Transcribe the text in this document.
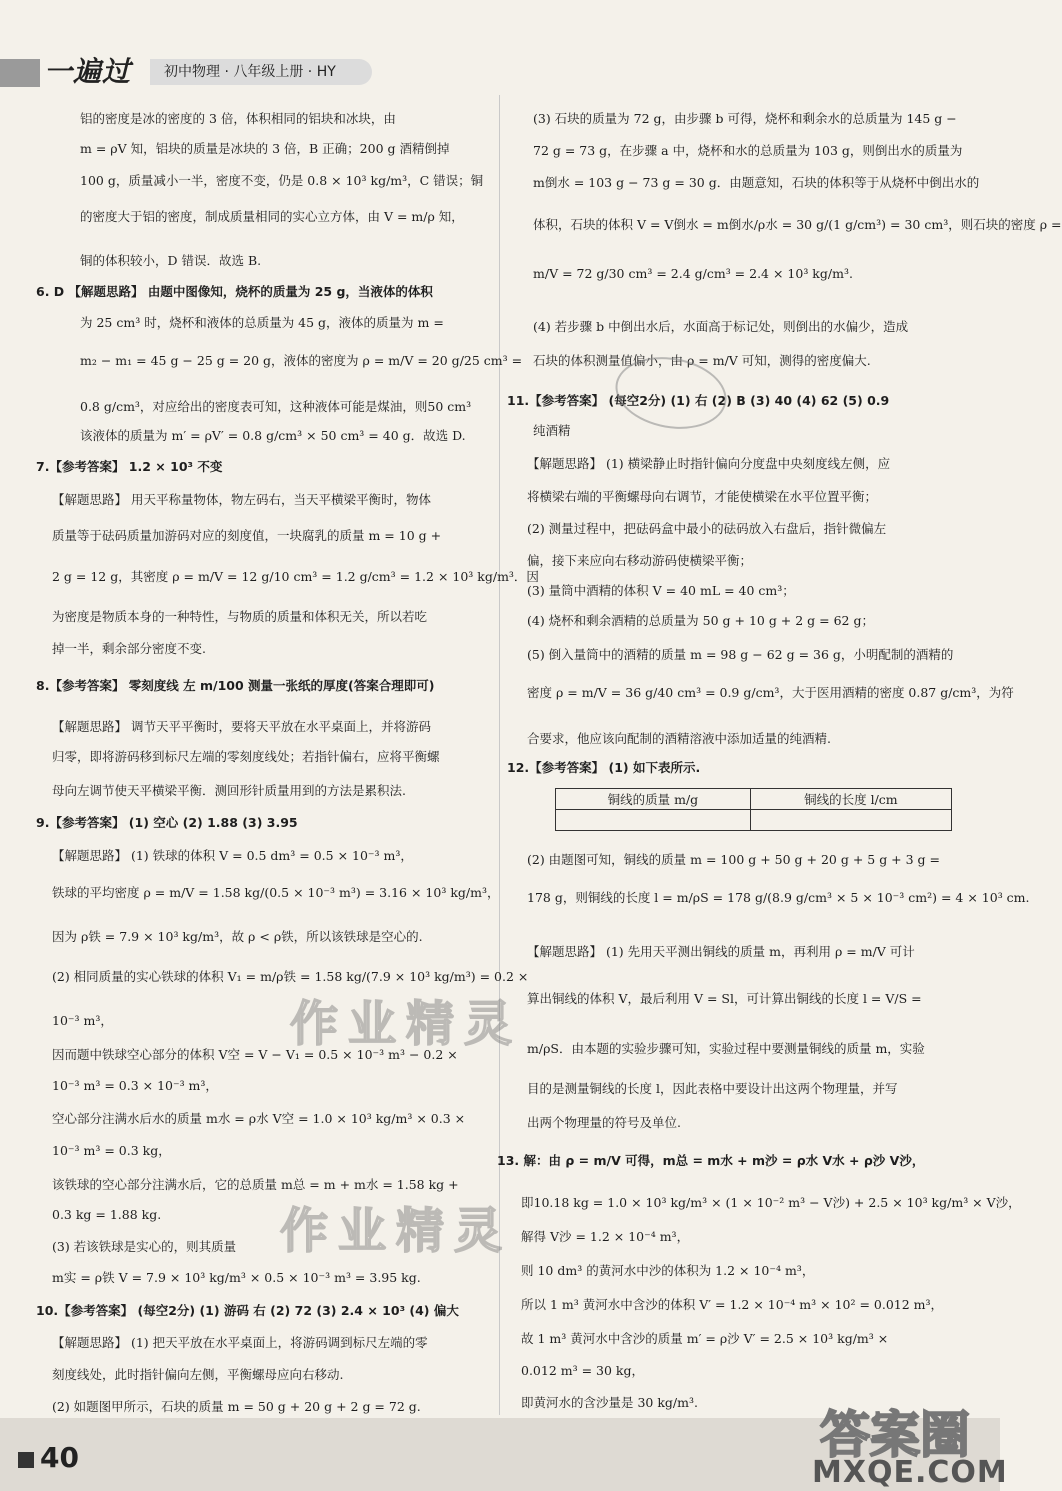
一遍过	初中物理 · 八年级上册 · HY
铝的密度是冰的密度的 3 倍，体积相同的铝块和冰块，由
m = ρV 知，铝块的质量是冰块的 3 倍，B 正确；200 g 酒精倒掉
100 g，质量减小一半，密度不变，仍是 0.8 × 10³ kg/m³，C 错误；铜
的密度大于铝的密度，制成质量相同的实心立方体，由 V = m/ρ 知，
铜的体积较小，D 错误．故选 B.
6. D 【解题思路】 由题中图像知，烧杯的质量为 25 g，当液体的体积
为 25 cm³ 时，烧杯和液体的总质量为 45 g，液体的质量为 m =
m₂ − m₁ = 45 g − 25 g = 20 g，液体的密度为 ρ = m/V = 20 g/25 cm³ =
0.8 g/cm³，对应给出的密度表可知，这种液体可能是煤油，则50 cm³
该液体的质量为 m′ = ρV′ = 0.8 g/cm³ × 50 cm³ = 40 g．故选 D.
7.【参考答案】 1.2 × 10³ 不变
【解题思路】 用天平称量物体，物左码右，当天平横梁平衡时，物体
质量等于砝码质量加游码对应的刻度值，一块腐乳的质量 m = 10 g +
2 g = 12 g，其密度 ρ = m/V = 12 g/10 cm³ = 1.2 g/cm³ = 1.2 × 10³ kg/m³．因
为密度是物质本身的一种特性，与物质的质量和体积无关，所以若吃
掉一半，剩余部分密度不变.
8.【参考答案】 零刻度线 左 m/100 测量一张纸的厚度(答案合理即可)
【解题思路】 调节天平平衡时，要将天平放在水平桌面上，并将游码
归零，即将游码移到标尺左端的零刻度线处；若指针偏右，应将平衡螺
母向左调节使天平横梁平衡．测回形针质量用到的方法是累积法.
9.【参考答案】 (1) 空心 (2) 1.88 (3) 3.95
【解题思路】 (1) 铁球的体积 V = 0.5 dm³ = 0.5 × 10⁻³ m³，
铁球的平均密度 ρ = m/V = 1.58 kg/(0.5 × 10⁻³ m³) = 3.16 × 10³ kg/m³，
因为 ρ铁 = 7.9 × 10³ kg/m³，故 ρ < ρ铁，所以该铁球是空心的.
(2) 相同质量的实心铁球的体积 V₁ = m/ρ铁 = 1.58 kg/(7.9 × 10³ kg/m³) = 0.2 ×
10⁻³ m³，
因而题中铁球空心部分的体积 V空 = V − V₁ = 0.5 × 10⁻³ m³ − 0.2 ×
10⁻³ m³ = 0.3 × 10⁻³ m³，
空心部分注满水后水的质量 m水 = ρ水 V空 = 1.0 × 10³ kg/m³ × 0.3 ×
10⁻³ m³ = 0.3 kg，
该铁球的空心部分注满水后，它的总质量 m总 = m + m水 = 1.58 kg +
0.3 kg = 1.88 kg.
(3) 若该铁球是实心的，则其质量
m实 = ρ铁 V = 7.9 × 10³ kg/m³ × 0.5 × 10⁻³ m³ = 3.95 kg.
10.【参考答案】 (每空2分) (1) 游码 右 (2) 72 (3) 2.4 × 10³ (4) 偏大
【解题思路】 (1) 把天平放在水平桌面上，将游码调到标尺左端的零
刻度线处，此时指针偏向左侧，平衡螺母应向右移动.
(2) 如题图甲所示，石块的质量 m = 50 g + 20 g + 2 g = 72 g.
(3) 石块的质量为 72 g，由步骤 b 可得，烧杯和剩余水的总质量为 145 g −
72 g = 73 g，在步骤 a 中，烧杯和水的总质量为 103 g，则倒出水的质量为
m倒水 = 103 g − 73 g = 30 g．由题意知，石块的体积等于从烧杯中倒出水的
体积，石块的体积 V = V倒水 = m倒水/ρ水 = 30 g/(1 g/cm³) = 30 cm³，则石块的密度 ρ =
m/V = 72 g/30 cm³ = 2.4 g/cm³ = 2.4 × 10³ kg/m³.
(4) 若步骤 b 中倒出水后，水面高于标记处，则倒出的水偏少，造成
石块的体积测量值偏小，由 ρ = m/V 可知，测得的密度偏大.
11.【参考答案】 (每空2分) (1) 右 (2) B (3) 40 (4) 62 (5) 0.9
纯酒精
【解题思路】 (1) 横梁静止时指针偏向分度盘中央刻度线左侧，应
将横梁右端的平衡螺母向右调节，才能使横梁在水平位置平衡；
(2) 测量过程中，把砝码盒中最小的砝码放入右盘后，指针微偏左
偏，接下来应向右移动游码使横梁平衡；
(3) 量筒中酒精的体积 V = 40 mL = 40 cm³；
(4) 烧杯和剩余酒精的总质量为 50 g + 10 g + 2 g = 62 g；
(5) 倒入量筒中的酒精的质量 m = 98 g − 62 g = 36 g，小明配制的酒精的
密度 ρ = m/V = 36 g/40 cm³ = 0.9 g/cm³，大于医用酒精的密度 0.87 g/cm³，为符
合要求，他应该向配制的酒精溶液中添加适量的纯酒精.
12.【参考答案】 (1) 如下表所示.
(2) 由题图可知，铜线的质量 m = 100 g + 50 g + 20 g + 5 g + 3 g =
178 g，则铜线的长度 l = m/ρS = 178 g/(8.9 g/cm³ × 5 × 10⁻³ cm²) = 4 × 10³ cm.
【解题思路】 (1) 先用天平测出铜线的质量 m，再利用 ρ = m/V 可计
算出铜线的体积 V，最后利用 V = Sl，可计算出铜线的长度 l = V/S =
m/ρS．由本题的实验步骤可知，实验过程中要测量铜线的质量 m，实验
目的是测量铜线的长度 l，因此表格中要设计出这两个物理量，并写
出两个物理量的符号及单位.
13. 解：由 ρ = m/V 可得，m总 = m水 + m沙 = ρ水 V水 + ρ沙 V沙，
即10.18 kg = 1.0 × 10³ kg/m³ × (1 × 10⁻² m³ − V沙) + 2.5 × 10³ kg/m³ × V沙，
解得 V沙 = 1.2 × 10⁻⁴ m³，
则 10 dm³ 的黄河水中沙的体积为 1.2 × 10⁻⁴ m³，
所以 1 m³ 黄河水中含沙的体积 V′ = 1.2 × 10⁻⁴ m³ × 10² = 0.012 m³，
故 1 m³ 黄河水中含沙的质量 m′ = ρ沙 V′ = 2.5 × 10³ kg/m³ ×
0.012 m³ = 30 kg，
即黄河水的含沙量是 30 kg/m³.
铜线的质量 m/g	铜线的长度 l/cm

作业精灵
作业精灵
40	答案圈
MXQE.COM
